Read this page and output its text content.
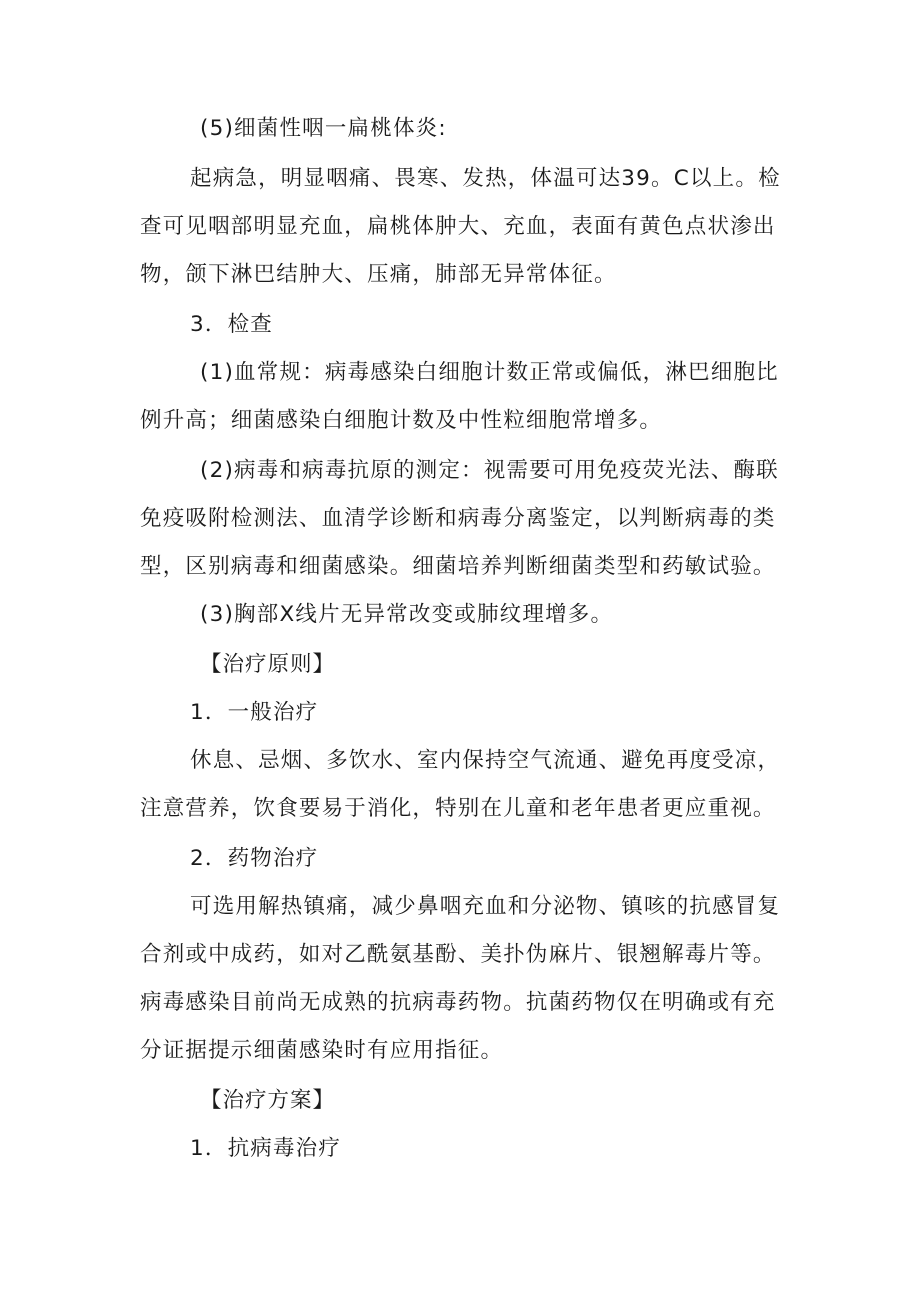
(5)细菌性咽一扁桃体炎:
起病急，明显咽痛、畏寒、发热，体温可达39。C以上。检
查可见咽部明显充血，扁桃体肿大、充血，表面有黄色点状渗出
物，颌下淋巴结肿大、压痛，肺部无异常体征。
3．检查
(1)血常规：病毒感染白细胞计数正常或偏低，淋巴细胞比
例升高；细菌感染白细胞计数及中性粒细胞常增多。
(2)病毒和病毒抗原的测定：视需要可用免疫荧光法、酶联
免疫吸附检测法、血清学诊断和病毒分离鉴定，以判断病毒的类
型，区别病毒和细菌感染。细菌培养判断细菌类型和药敏试验。
(3)胸部X线片无异常改变或肺纹理增多。
【治疗原则】
1．一般治疗
休息、忌烟、多饮水、室内保持空气流通、避免再度受凉，
注意营养，饮食要易于消化，特别在儿童和老年患者更应重视。
2．药物治疗
可选用解热镇痛，减少鼻咽充血和分泌物、镇咳的抗感冒复
合剂或中成药，如对乙酰氨基酚、美扑伪麻片、银翘解毒片等。
病毒感染目前尚无成熟的抗病毒药物。抗菌药物仅在明确或有充
分证据提示细菌感染时有应用指征。
【治疗方案】
1．抗病毒治疗
